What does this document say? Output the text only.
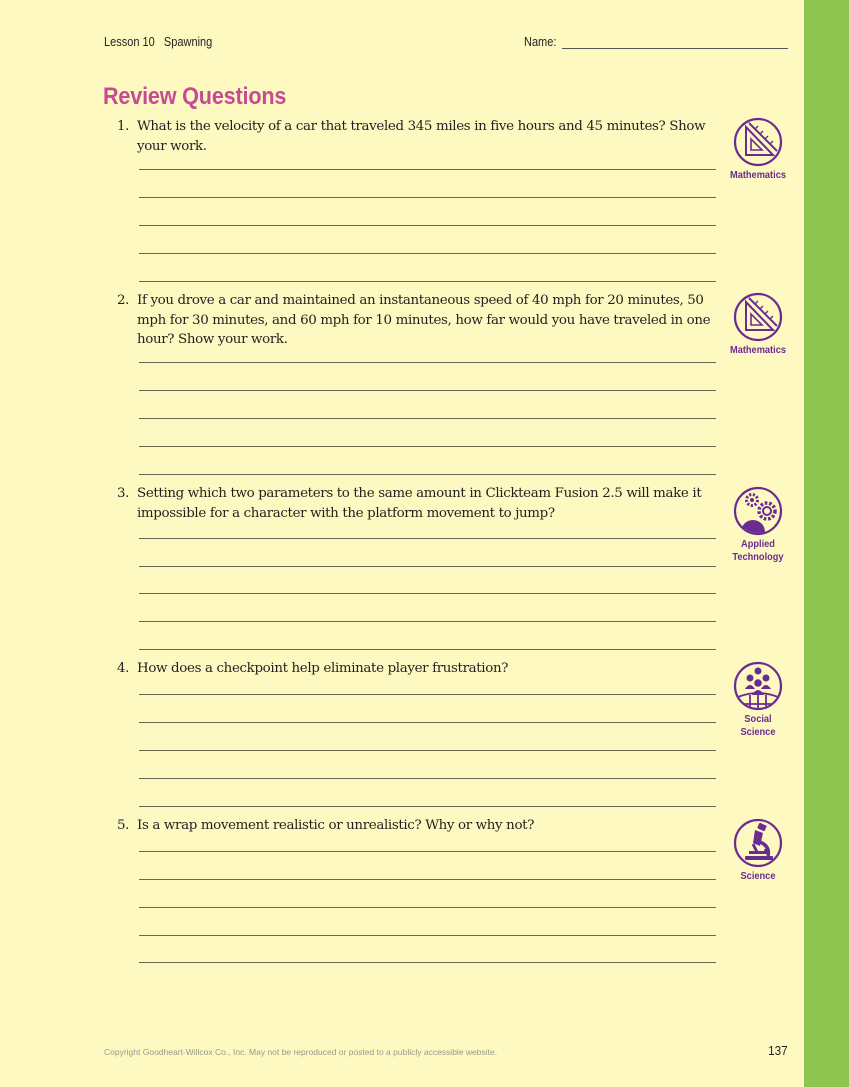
Lesson 10 Spawning	Name:
Review Questions
1. What is the velocity of a car that traveled 345 miles in five hours and 45 minutes? Show your work.
Mathematics
2. If you drove a car and maintained an instantaneous speed of 40 mph for 20 minutes, 50 mph for 30 minutes, and 60 mph for 10 minutes, how far would you have traveled in one hour? Show your work.
Mathematics
3. Setting which two parameters to the same amount in Clickteam Fusion 2.5 will make it impossible for a character with the platform movement to jump?
Applied
Technology
4. How does a checkpoint help eliminate player frustration?
Social
Science
5. Is a wrap movement realistic or unrealistic? Why or why not?
Science
Copyright Goodheart-Willcox Co., Inc. May not be reproduced or posted to a publicly accessible website.	137
